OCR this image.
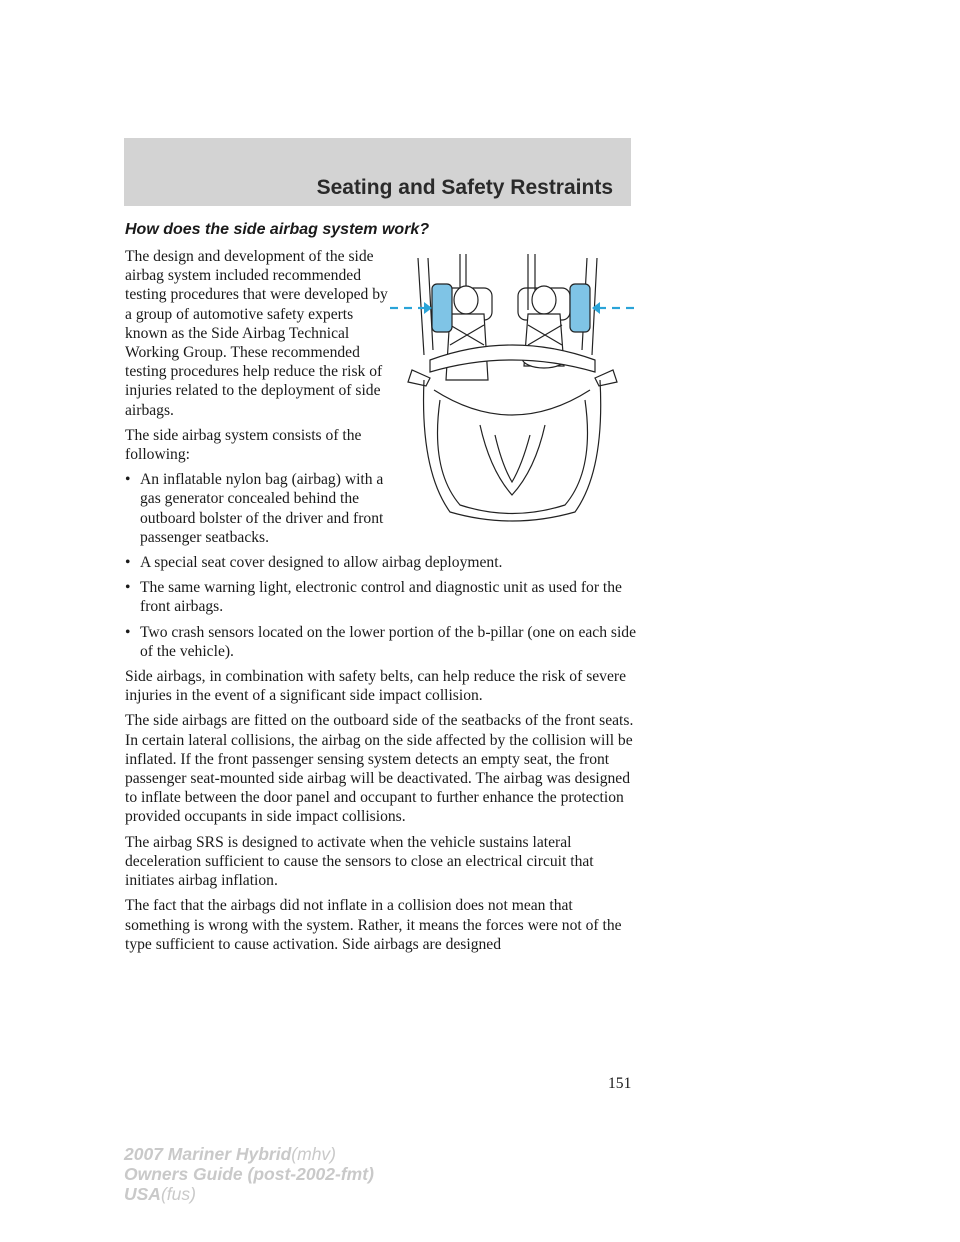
Seating and Safety Restraints
How does the side airbag system work?

The design and development of the side airbag system included recommended testing procedures that were developed by a group of automotive safety experts known as the Side Airbag Technical Working Group. These recommended testing procedures help reduce the risk of injuries related to the deployment of side airbags.

The side airbag system consists of the following:

• An inflatable nylon bag (airbag) with a gas generator concealed behind the outboard bolster of the driver and front passenger seatbacks.
• A special seat cover designed to allow airbag deployment.
• The same warning light, electronic control and diagnostic unit as used for the front airbags.
• Two crash sensors located on the lower portion of the b-pillar (one on each side of the vehicle).

Side airbags, in combination with safety belts, can help reduce the risk of severe injuries in the event of a significant side impact collision.

The side airbags are fitted on the outboard side of the seatbacks of the front seats. In certain lateral collisions, the airbag on the side affected by the collision will be inflated. If the front passenger sensing system detects an empty seat, the front passenger seat-mounted side airbag will be deactivated. The airbag was designed to inflate between the door panel and occupant to further enhance the protection provided occupants in side impact collisions.

The airbag SRS is designed to activate when the vehicle sustains lateral deceleration sufficient to cause the sensors to close an electrical circuit that initiates airbag inflation.

The fact that the airbags did not inflate in a collision does not mean that something is wrong with the system. Rather, it means the forces were not of the type sufficient to cause activation. Side airbags are designed

151
2007 Mariner Hybrid(mhv)
Owners Guide (post-2002-fmt)
USA(fus)
